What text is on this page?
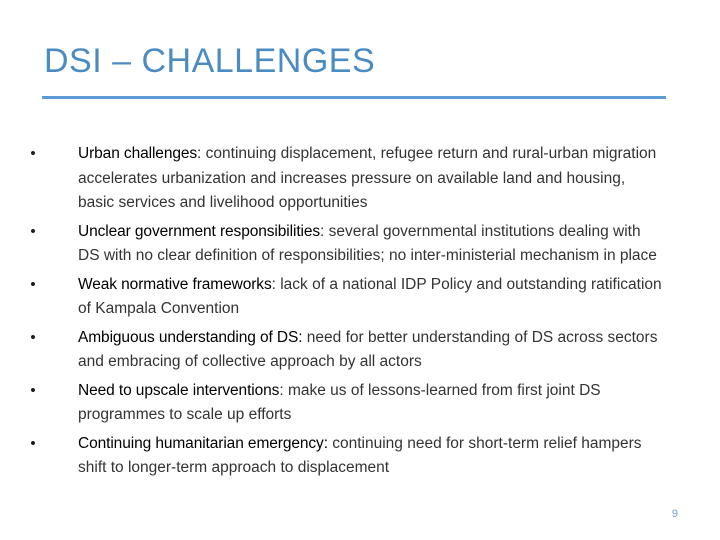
DSI – CHALLENGES
•	Urban challenges: continuing displacement, refugee return and rural-urban migration accelerates urbanization and increases pressure on available land and housing, basic services and livelihood opportunities
•	Unclear government responsibilities: several governmental institutions dealing with DS with no clear definition of responsibilities; no inter-ministerial mechanism in place
•	Weak normative frameworks: lack of a national IDP Policy and outstanding ratification of Kampala Convention
•	Ambiguous understanding of DS: need for better understanding of DS across sectors and embracing of collective approach by all actors
•	Need to upscale interventions: make us of lessons-learned from first joint DS programmes to scale up efforts
•	Continuing humanitarian emergency: continuing need for short-term relief hampers shift to longer-term approach to displacement
9
